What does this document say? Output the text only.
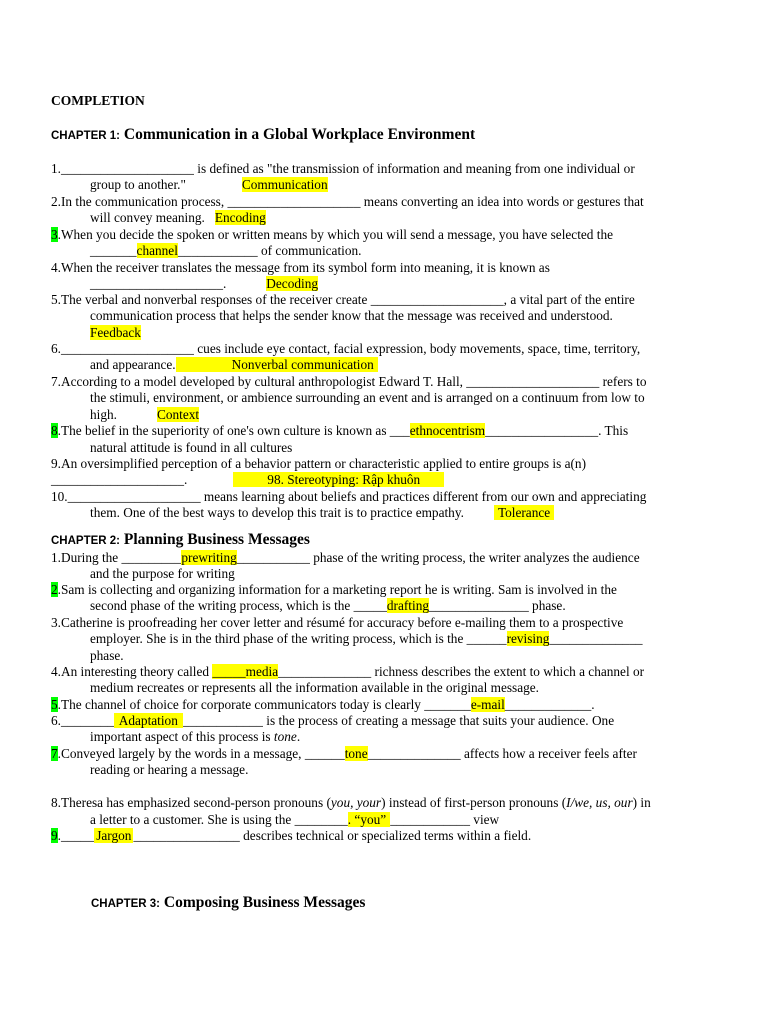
COMPLETION
CHAPTER 1: Communication in a Global Workplace Environment
1.____________________ is defined as "the transmission of information and meaning from one individual or
group to another."	Communication
2.In the communication process, ____________________ means converting an idea into words or gestures that
will convey meaning. Encoding
3.When you decide the spoken or written means by which you will send a message, you have selected the
_______channel____________ of communication.
4.When the receiver translates the message from its symbol form into meaning, it is known as
____________________.	Decoding
5.The verbal and nonverbal responses of the receiver create ____________________, a vital part of the entire
communication process that helps the sender know that the message was received and understood.
Feedback
6.____________________ cues include eye contact, facial expression, body movements, space, time, territory,
and appearance.	Nonverbal communication
7.According to a model developed by cultural anthropologist Edward T. Hall, ____________________ refers to
the stimuli, environment, or ambience surrounding an event and is arranged on a continuum from low to
high.	Context
8.The belief in the superiority of one's own culture is known as ___ethnocentrism_________________. This
natural attitude is found in all cultures
9.An oversimplified perception of a behavior pattern or characteristic applied to entire groups is a(n)
____________________.	98. Stereotyping: Rập khuôn
10.____________________ means learning about beliefs and practices different from our own and appreciating
them. One of the best ways to develop this trait is to practice empathy.	Tolerance
CHAPTER 2: Planning Business Messages
1.During the _________prewriting___________ phase of the writing process, the writer analyzes the audience
and the purpose for writing
2.Sam is collecting and organizing information for a marketing report he is writing. Sam is involved in the
second phase of the writing process, which is the _____drafting_______________ phase.
3.Catherine is proofreading her cover letter and résumé for accuracy before e-mailing them to a prospective
employer. She is in the third phase of the writing process, which is the ______revising______________
phase.
4.An interesting theory called _____media______________ richness describes the extent to which a channel or
medium recreates or represents all the information available in the original message.
5.The channel of choice for corporate communicators today is clearly _______e-mail_____________.
6.________ Adaptation ____________ is the process of creating a message that suits your audience. One
important aspect of this process is tone.
7.Conveyed largely by the words in a message, ______tone______________ affects how a receiver feels after
reading or hearing a message.
8.Theresa has emphasized second-person pronouns (you, your) instead of first-person pronouns (I/we, us, our) in
a letter to a customer. She is using the ________. “you” ____________ view
9._____ Jargon ________________ describes technical or specialized terms within a field.
CHAPTER 3: Composing Business Messages
